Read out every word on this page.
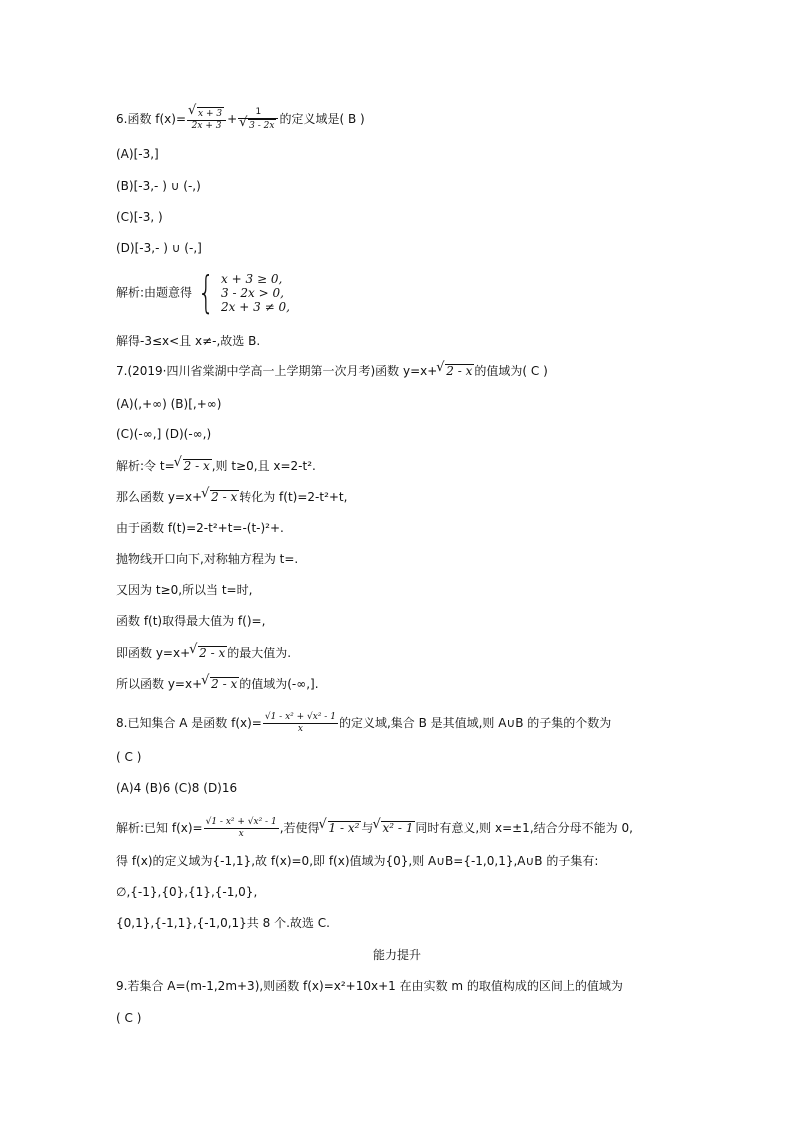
6.函数 f(x)= √ $\frac{x + 3}{2x + 3} + 1$
√ 3 - 2x 的定义域是( B )
(A)[-3,]
(B)[-3,- ) ∪ (-,)
(C)[-3, )
(D)[-3,- ) ∪ (-,]
解析:由题意得 { x + 3 ≥ 0,
3 - 2x > 0,
2x + 3 ≠ 0,
解得-3≤x<且 x≠-,故选 B.
7.(2019·四川省棠湖中学高一上学期第一次月考)函数 y=x+ √ 2 - x 的值域为( C )
(A)(,+∞) (B)[,+∞)
(C)(-∞,] (D)(-∞,)
解析:令 t= √ 2 - x ,则 t≥0,且 x=2-t².
那么函数 y=x+ √ 2 - x 转化为 f(t)=2-t²+t,
由于函数 f(t)=2-t²+t=-(t-)²+.
抛物线开口向下,对称轴方程为 t=.
又因为 t≥0,所以当 t=时,
函数 f(t)取得最大值为 f()=,
即函数 y=x+ √ 2 - x 的最大值为.
所以函数 y=x+ √ 2 - x 的值域为(-∞,].
8.已知集合 A 是函数 $f(x)= \frac{\text{√1 - x² + √x² - 1}}{x}$ 的定义域,集合 B 是其值域,则 A∪B 的子集的个数为
( C )
(A)4 (B)6 (C)8 (D)16
解析:已知 $f(x)= \frac{\text{√1 - x² + √x² - 1}}{x}$ ,若使得 √ 1 - x² 与 √ x² - 1 同时有意义,则 x=±1,结合分母不能为 0,
得 f(x)的定义域为{-1,1},故 f(x)=0,即 f(x)值域为{0},则 A∪B={-1,0,1},A∪B 的子集有:
∅,{-1},{0},{1},{-1,0},
{0,1},{-1,1},{-1,0,1}共 8 个.故选 C.
能力提升
9.若集合 A=(m-1,2m+3),则函数 f(x)=x²+10x+1 在由实数 m 的取值构成的区间上的值域为
( C )
